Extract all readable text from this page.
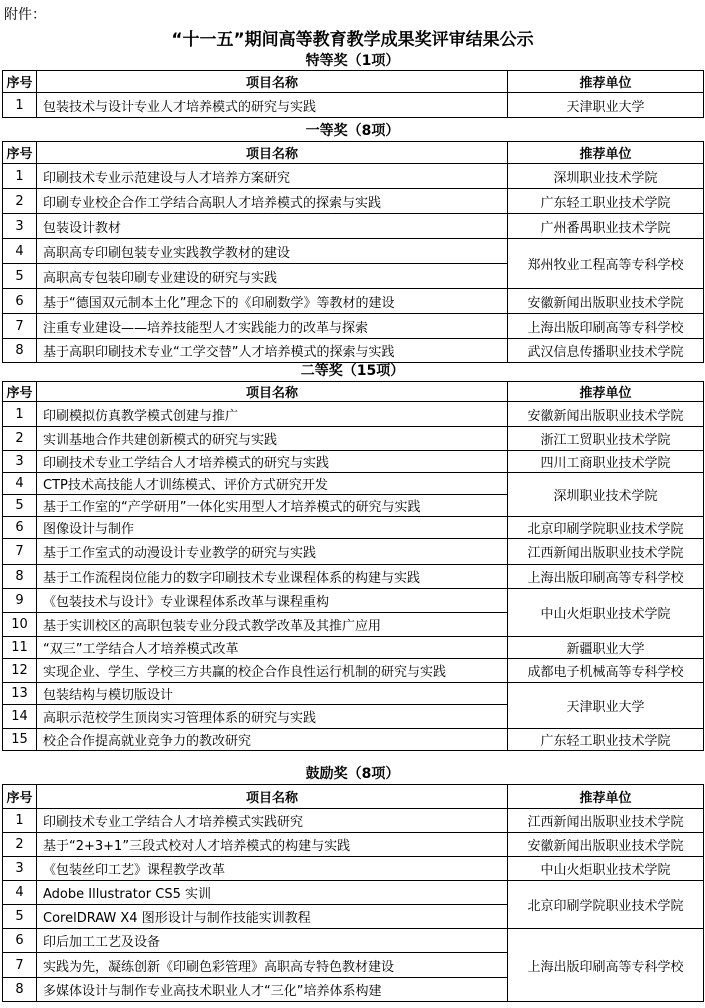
附件：
“十一五”期间高等教育教学成果奖评审结果公示
特等奖（1项）
序号	项目名称	推荐单位
1	包装技术与设计专业人才培养模式的研究与实践	天津职业大学
一等奖（8项）
序号	项目名称	推荐单位
1	印刷技术专业示范建设与人才培养方案研究	深圳职业技术学院
2	印刷专业校企合作工学结合高职人才培养模式的探索与实践	广东轻工职业技术学院
3	包装设计教材	广州番禺职业技术学院
4	高职高专印刷包装专业实践教学教材的建设	郑州牧业工程高等专科学校
5	高职高专包装印刷专业建设的研究与实践	
6	基于“德国双元制本土化”理念下的《印刷数学》等教材的建设	安徽新闻出版职业技术学院
7	注重专业建设——培养技能型人才实践能力的改革与探索	上海出版印刷高等专科学校
8	基于高职印刷技术专业“工学交替”人才培养模式的探索与实践	武汉信息传播职业技术学院
二等奖（15项）
序号	项目名称	推荐单位
1	印刷模拟仿真教学模式创建与推广	安徽新闻出版职业技术学院
2	实训基地合作共建创新模式的研究与实践	浙江工贸职业技术学院
3	印刷技术专业工学结合人才培养模式的研究与实践	四川工商职业技术学院
4	CTP技术高技能人才训练模式、评价方式研究开发	深圳职业技术学院
5	基于工作室的“产学研用”一体化实用型人才培养模式的研究与实践	
6	图像设计与制作	北京印刷学院职业技术学院
7	基于工作室式的动漫设计专业教学的研究与实践	江西新闻出版职业技术学院
8	基于工作流程岗位能力的数字印刷技术专业课程体系的构建与实践	上海出版印刷高等专科学校
9	《包装技术与设计》专业课程体系改革与课程重构	中山火炬职业技术学院
10	基于实训校区的高职包装专业分段式教学改革及其推广应用	
11	“双三”工学结合人才培养模式改革	新疆职业大学
12	实现企业、学生、学校三方共赢的校企合作良性运行机制的研究与实践	成都电子机械高等专科学校
13	包装结构与模切版设计	天津职业大学
14	高职示范校学生顶岗实习管理体系的研究与实践	
15	校企合作提高就业竞争力的教改研究	广东轻工职业技术学院
鼓励奖（8项）
序号	项目名称	推荐单位
1	印刷技术专业工学结合人才培养模式实践研究	江西新闻出版职业技术学院
2	基于“2+3+1”三段式校对人才培养模式的构建与实践	安徽新闻出版职业技术学院
3	《包装丝印工艺》课程教学改革	中山火炬职业技术学院
4	Adobe Illustrator CS5 实训	北京印刷学院职业技术学院
5	CorelDRAW X4 图形设计与制作技能实训教程	
6	印后加工工艺及设备	上海出版印刷高等专科学校
7	实践为先，凝练创新《印刷色彩管理》高职高专特色教材建设	
8	多媒体设计与制作专业高技术职业人才“三化”培养体系构建	
